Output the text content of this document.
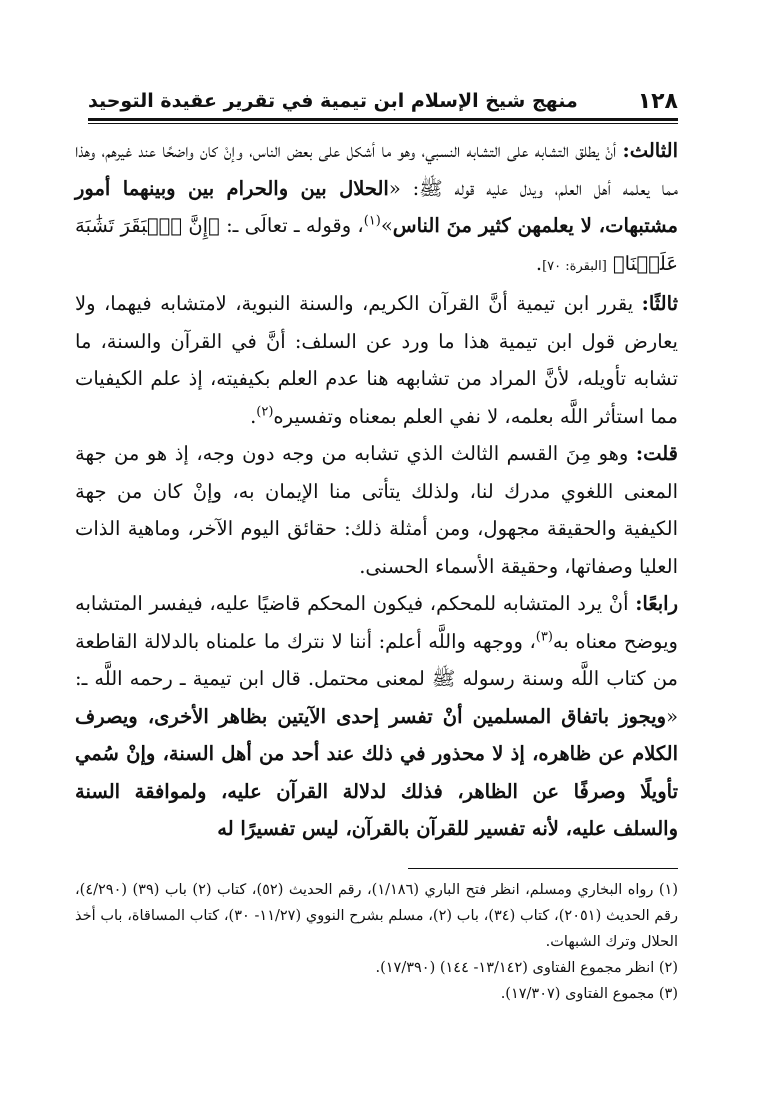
١٢٨
منهج شيخ الإسلام ابن تيمية في تقرير عقيدة التوحيد

الثالث: أنْ يطلق التشابه على التشابه النسبي، وهو ما أشكل على بعض الناس، وإنْ كان واضحًا عند غيرهم، وهذا مما يعلمه أهل العلم، ويدل عليه قوله ﷺ: «الحلال بين والحرام بين وبينهما أمور مشتبهات، لا يعلمهن كثير منَ الناس»$^{(١)}$، وقوله ـ تعالَى ـ: ﴿إِنَّ ٱلۡبَقَرَ تَشَٰبَهَ عَلَيۡنَا﴾ [البقرة: ٧٠].

ثالثًا: يقرر ابن تيمية أنَّ القرآن الكريم، والسنة النبوية، لامتشابه فيهما، ولا يعارض قول ابن تيمية هذا ما ورد عن السلف: أنَّ في القرآن والسنة، ما تشابه تأويله، لأنَّ المراد من تشابهه هنا عدم العلم بكيفيته، إذ علم الكيفيات مما استأثر اللَّه بعلمه، لا نفي العلم بمعناه وتفسيره$^{(٢)}$.

قلت: وهو مِنَ القسم الثالث الذي تشابه من وجه دون وجه، إذ هو من جهة المعنى اللغوي مدرك لنا، ولذلك يتأتى منا الإيمان به، وإنْ كان من جهة الكيفية والحقيقة مجهول، ومن أمثلة ذلك: حقائق اليوم الآخر، وماهية الذات العليا وصفاتها، وحقيقة الأسماء الحسنى.

رابعًا: أنْ يرد المتشابه للمحكم، فيكون المحكم قاضيًا عليه، فيفسر المتشابه ويوضح معناه به$^{(٣)}$، ووجهه واللَّه أعلم: أننا لا نترك ما علمناه بالدلالة القاطعة من كتاب اللَّه وسنة رسوله ﷺ لمعنى محتمل. قال ابن تيمية ـ رحمه اللَّه ـ: «ويجوز باتفاق المسلمين أنْ تفسر إحدى الآيتين بظاهر الأخرى، ويصرف الكلام عن ظاهره، إذ لا محذور في ذلك عند أحد من أهل السنة، وإنْ سُمي تأويلًا وصرفًا عن الظاهر، فذلك لدلالة القرآن عليه، ولموافقة السنة والسلف عليه، لأنه تفسير للقرآن بالقرآن، ليس تفسيرًا له

(١) رواه البخاري ومسلم، انظر فتح الباري (١/١٨٦)، رقم الحديث (٥٢)، كتاب (٢) باب (٣٩) (٤/٢٩٠)، رقم الحديث (٢٠٥١)، كتاب (٣٤)، باب (٢)، مسلم بشرح النووي (١١/٢٧- ٣٠)، كتاب المساقاة، باب أخذ الحلال وترك الشبهات.

(٢) انظر مجموع الفتاوى (١٣/١٤٢- ١٤٤) (١٧/٣٩٠).

(٣) مجموع الفتاوى (١٧/٣٠٧).
